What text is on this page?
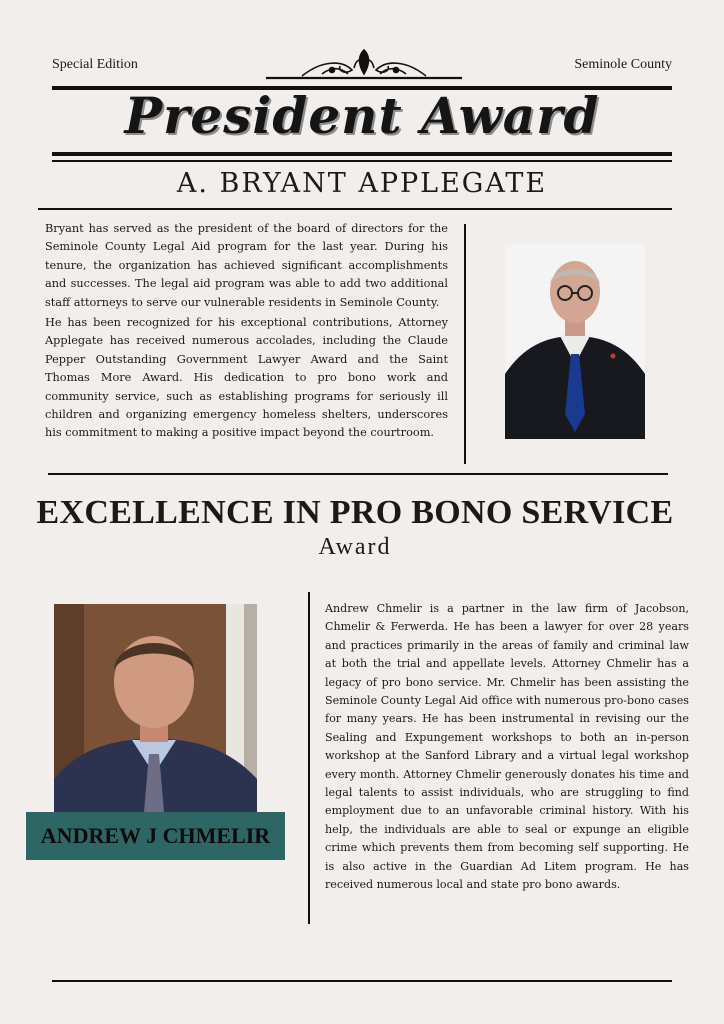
Special Edition	Seminole County
President Award
A. BRYANT APPLEGATE

Bryant has served as the president of the board of directors for the Seminole County Legal Aid program for the last year. During his tenure, the organization has achieved significant accomplishments and successes. The legal aid program was able to add two additional staff attorneys to serve our vulnerable residents in Seminole County.

He has been recognized for his exceptional contributions, Attorney Applegate has received numerous accolades, including the Claude Pepper Outstanding Government Lawyer Award and the Saint Thomas More Award. His dedication to pro bono work and community service, such as establishing programs for seriously ill children and organizing emergency homeless shelters, underscores his commitment to making a positive impact beyond the courtroom.

EXCELLENCE IN PRO BONO SERVICE
Award
ANDREW J CHMELIR

Andrew Chmelir is a partner in the law firm of Jacobson, Chmelir & Ferwerda. He has been a lawyer for over 28 years and practices primarily in the areas of family and criminal law at both the trial and appellate levels. Attorney Chmelir has a legacy of pro bono service. Mr. Chmelir has been assisting the Seminole County Legal Aid office with numerous pro-bono cases for many years. He has been instrumental in revising our the Sealing and Expungement workshops to both an in-person workshop at the Sanford Library and a virtual legal workshop every month. Attorney Chmelir generously donates his time and legal talents to assist individuals, who are struggling to find employment due to an unfavorable criminal history. With his help, the individuals are able to seal or expunge an eligible crime which prevents them from becoming self supporting. He is also active in the Guardian Ad Litem program. He has received numerous local and state pro bono awards.
